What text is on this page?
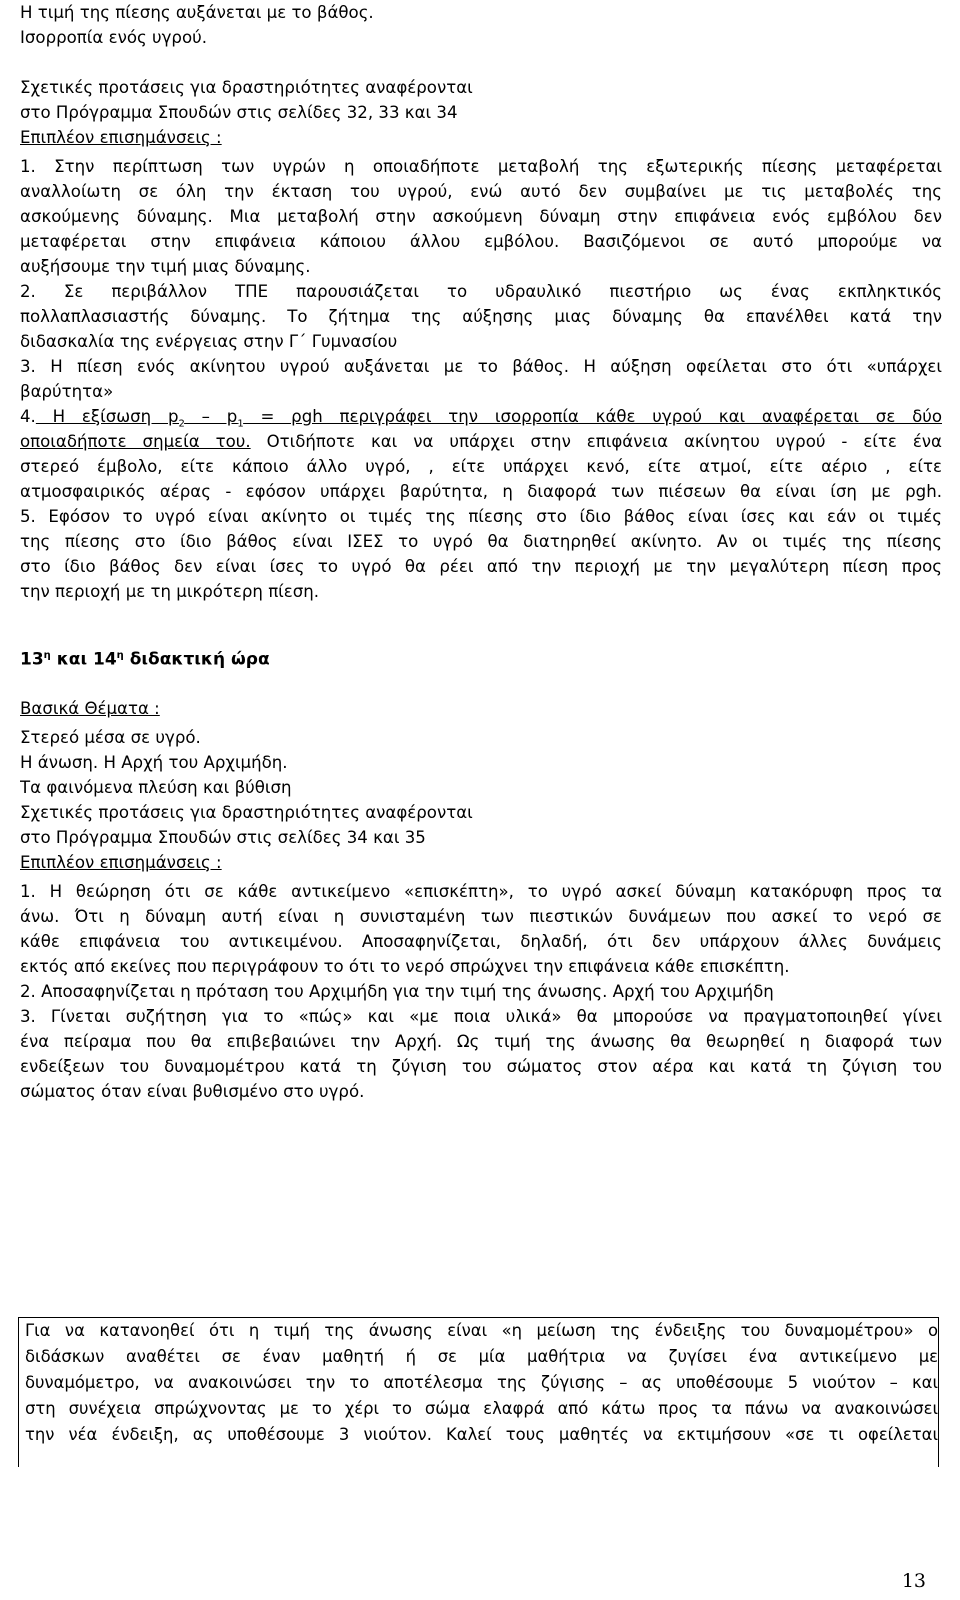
Η τιμή της πίεσης αυξάνεται με το βάθος.
Ισορροπία ενός υγρού.
Σχετικές προτάσεις για δραστηριότητες αναφέρονται
στο Πρόγραμμα Σπουδών στις σελίδες 32, 33 και 34
Επιπλέον επισημάνσεις :
1. Στην περίπτωση των υγρών η οποιαδήποτε μεταβολή της εξωτερικής πίεσης μεταφέρεται
αναλλοίωτη σε όλη την έκταση του υγρού, ενώ αυτό δεν συμβαίνει με τις μεταβολές της
ασκούμενης δύναμης. Μια μεταβολή στην ασκούμενη δύναμη στην επιφάνεια ενός εμβόλου δεν
μεταφέρεται στην επιφάνεια κάποιου άλλου εμβόλου. Βασιζόμενοι σε αυτό μπορούμε να
αυξήσουμε την τιμή μιας δύναμης.
2. Σε περιβάλλον ΤΠΕ παρουσιάζεται το υδραυλικό πιεστήριο ως ένας εκπληκτικός
πολλαπλασιαστής δύναμης. Το ζήτημα της αύξησης μιας δύναμης θα επανέλθει κατά την
διδασκαλία της ενέργειας στην Γ΄ Γυμνασίου
3. Η πίεση ενός ακίνητου υγρού αυξάνεται με το βάθος. Η αύξηση οφείλεται στο ότι «υπάρχει
βαρύτητα»
4. Η εξίσωση $p_2 - p_1 = \rho gh$ περιγράφει την ισορροπία κάθε υγρού και αναφέρεται σε δύο
οποιαδήποτε σημεία του. Οτιδήποτε και να υπάρχει στην επιφάνεια ακίνητου υγρού - είτε ένα
στερεό έμβολο, είτε κάποιο άλλο υγρό, , είτε υπάρχει κενό, είτε ατμοί, είτε αέριο , είτε
ατμοσφαιρικός αέρας - εφόσον υπάρχει βαρύτητα, η διαφορά των πιέσεων θα είναι ίση με ρgh.
5. Εφόσον το υγρό είναι ακίνητο οι τιμές της πίεσης στο ίδιο βάθος είναι ίσες και εάν οι τιμές
της πίεσης στο ίδιο βάθος είναι ΙΣΕΣ το υγρό θα διατηρηθεί ακίνητο. Αν οι τιμές της πίεσης
στο ίδιο βάθος δεν είναι ίσες το υγρό θα ρέει από την περιοχή με την μεγαλύτερη πίεση προς
την περιοχή με τη μικρότερη πίεση.
$13^\eta$ και $14^\eta$ διδακτική ώρα
Βασικά Θέματα :
Στερεό μέσα σε υγρό.
Η άνωση. Η Αρχή του Αρχιμήδη.
Τα φαινόμενα πλεύση και βύθιση
Σχετικές προτάσεις για δραστηριότητες αναφέρονται
στο Πρόγραμμα Σπουδών στις σελίδες 34 και 35
Επιπλέον επισημάνσεις :
1. Η θεώρηση ότι σε κάθε αντικείμενο «επισκέπτη», το υγρό ασκεί δύναμη κατακόρυφη προς τα
άνω. Ότι η δύναμη αυτή είναι η συνισταμένη των πιεστικών δυνάμεων που ασκεί το νερό σε
κάθε επιφάνεια του αντικειμένου. Αποσαφηνίζεται, δηλαδή, ότι δεν υπάρχουν άλλες δυνάμεις
εκτός από εκείνες που περιγράφουν το ότι το νερό σπρώχνει την επιφάνεια κάθε επισκέπτη.
2. Αποσαφηνίζεται η πρόταση του Αρχιμήδη για την τιμή της άνωσης. Αρχή του Αρχιμήδη
3. Γίνεται συζήτηση για το «πώς» και «με ποια υλικά» θα μπορούσε να πραγματοποιηθεί γίνει
ένα πείραμα που θα επιβεβαιώνει την Αρχή. Ως τιμή της άνωσης θα θεωρηθεί η διαφορά των
ενδείξεων του δυναμομέτρου κατά τη ζύγιση του σώματος στον αέρα και κατά τη ζύγιση του
σώματος όταν είναι βυθισμένο στο υγρό.
Για να κατανοηθεί ότι η τιμή της άνωσης είναι «η μείωση της ένδειξης του δυναμομέτρου» ο
διδάσκων αναθέτει σε έναν μαθητή ή σε μία μαθήτρια να ζυγίσει ένα αντικείμενο με
δυναμόμετρο, να ανακοινώσει την το αποτέλεσμα της ζύγισης – ας υποθέσουμε 5 νιούτον – και
στη συνέχεια σπρώχνοντας με το χέρι το σώμα ελαφρά από κάτω προς τα πάνω να ανακοινώσει
την νέα ένδειξη, ας υποθέσουμε 3 νιούτον. Καλεί τους μαθητές να εκτιμήσουν «σε τι οφείλεται
13
